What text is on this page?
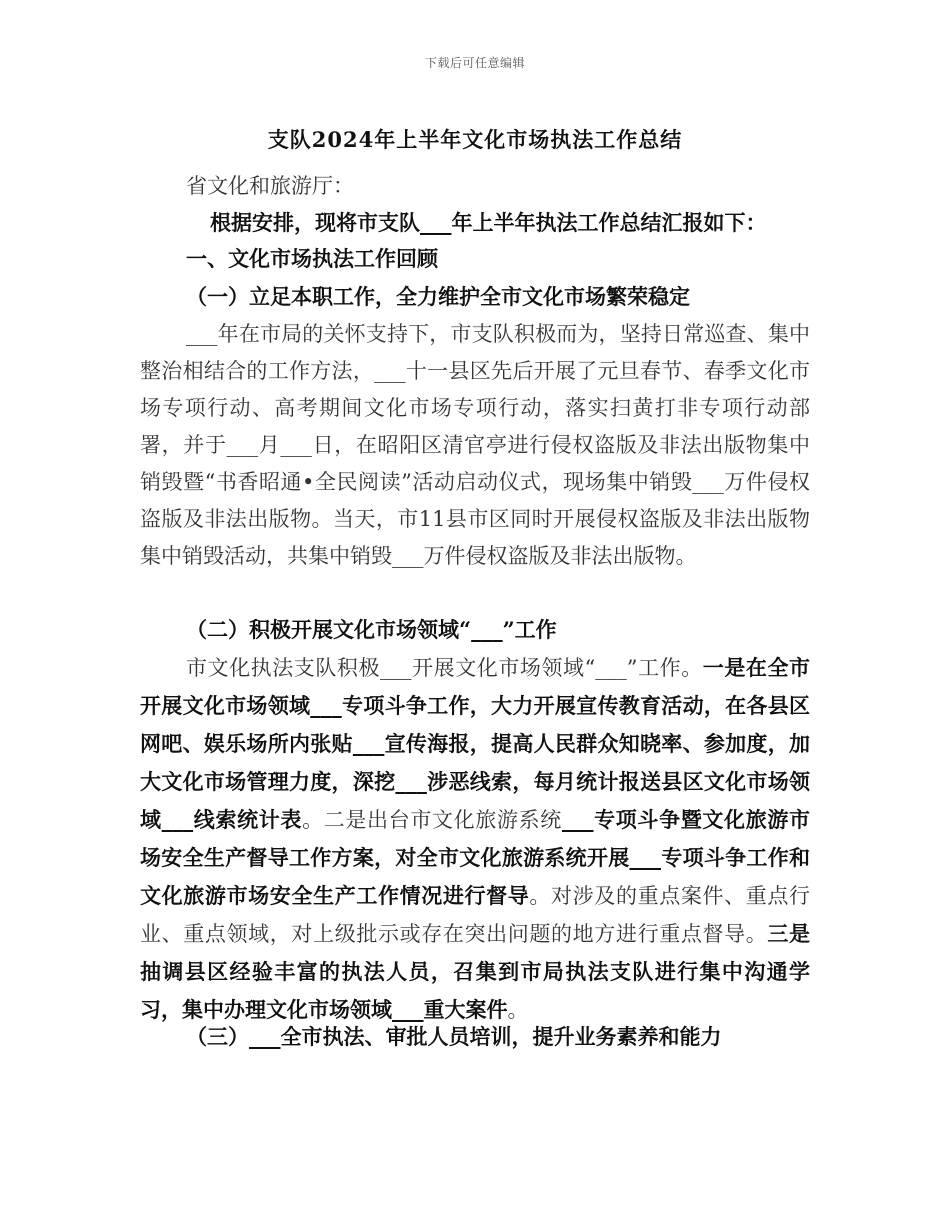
下载后可任意编辑
支队2024年上半年文化市场执法工作总结
省文化和旅游厅：
根据安排，现将市支队___年上半年执法工作总结汇报如下：
一、文化市场执法工作回顾
（一）立足本职工作，全力维护全市文化市场繁荣稳定
___年在市局的关怀支持下，市支队积极而为，坚持日常巡查、集中整治相结合的工作方法，___十一县区先后开展了元旦春节、春季文化市场专项行动、高考期间文化市场专项行动，落实扫黄打非专项行动部署，并于___月___日，在昭阳区清官亭进行侵权盗版及非法出版物集中销毁暨“书香昭通•全民阅读”活动启动仪式，现场集中销毁___万件侵权盗版及非法出版物。当天，市11县市区同时开展侵权盗版及非法出版物集中销毁活动，共集中销毁___万件侵权盗版及非法出版物。
（二）积极开展文化市场领域“___”工作
市文化执法支队积极___开展文化市场领域“___”工作。一是在全市开展文化市场领域___专项斗争工作，大力开展宣传教育活动，在各县区网吧、娱乐场所内张贴___宣传海报，提高人民群众知晓率、参加度，加大文化市场管理力度，深挖___涉恶线索，每月统计报送县区文化市场领域___线索统计表。二是出台市文化旅游系统___专项斗争暨文化旅游市场安全生产督导工作方案，对全市文化旅游系统开展___专项斗争工作和文化旅游市场安全生产工作情况进行督导。对涉及的重点案件、重点行业、重点领域，对上级批示或存在突出问题的地方进行重点督导。三是抽调县区经验丰富的执法人员，召集到市局执法支队进行集中沟通学习，集中办理文化市场领域___重大案件。
（三）___全市执法、审批人员培训，提升业务素养和能力
